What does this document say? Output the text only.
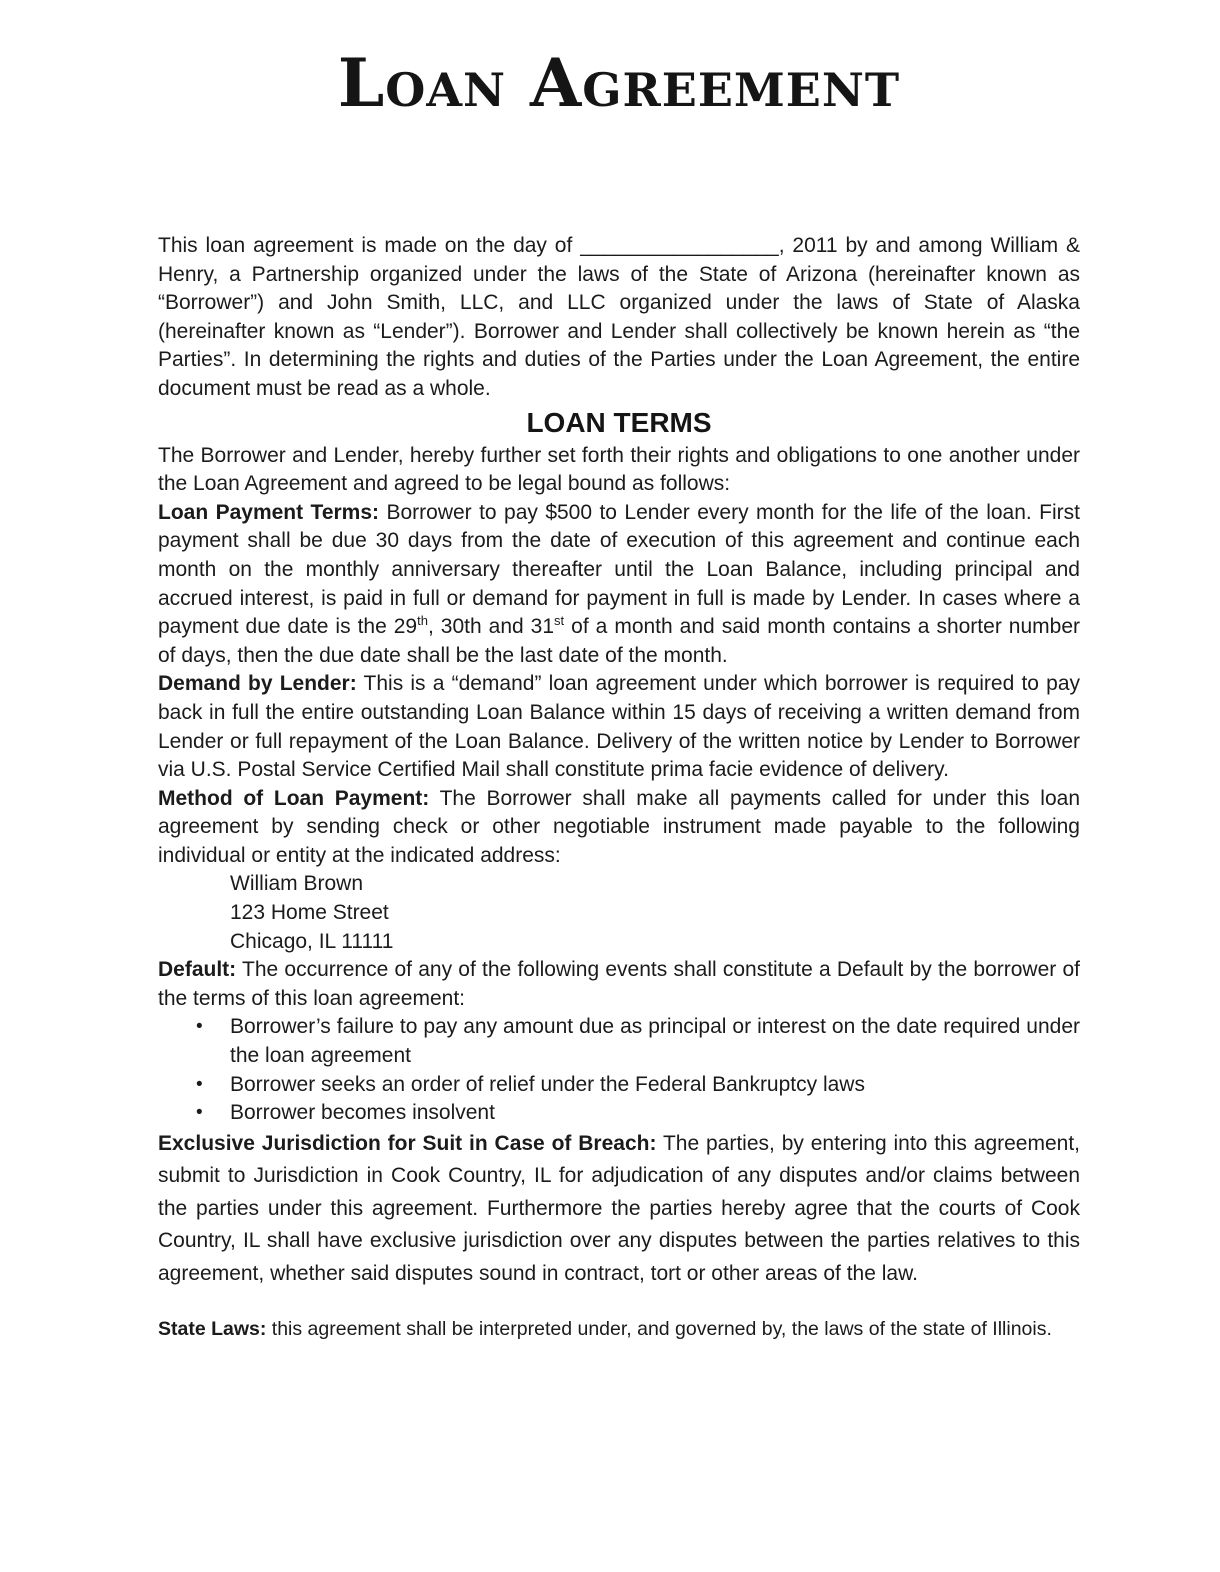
Loan Agreement

This loan agreement is made on the day of _________________, 2011 by and among William & Henry, a Partnership organized under the laws of the State of Arizona (hereinafter known as “Borrower”) and John Smith, LLC, and LLC organized under the laws of State of Alaska (hereinafter known as “Lender”). Borrower and Lender shall collectively be known herein as “the Parties”. In determining the rights and duties of the Parties under the Loan Agreement, the entire document must be read as a whole.

LOAN TERMS

The Borrower and Lender, hereby further set forth their rights and obligations to one another under the Loan Agreement and agreed to be legal bound as follows:

Loan Payment Terms: Borrower to pay $500 to Lender every month for the life of the loan. First payment shall be due 30 days from the date of execution of this agreement and continue each month on the monthly anniversary thereafter until the Loan Balance, including principal and accrued interest, is paid in full or demand for payment in full is made by Lender. In cases where a payment due date is the 29th, 30th and 31st of a month and said month contains a shorter number of days, then the due date shall be the last date of the month.

Demand by Lender: This is a “demand” loan agreement under which borrower is required to pay back in full the entire outstanding Loan Balance within 15 days of receiving a written demand from Lender or full repayment of the Loan Balance. Delivery of the written notice by Lender to Borrower via U.S. Postal Service Certified Mail shall constitute prima facie evidence of delivery.

Method of Loan Payment: The Borrower shall make all payments called for under this loan agreement by sending check or other negotiable instrument made payable to the following individual or entity at the indicated address:

William Brown
123 Home Street
Chicago, IL 11111

Default: The occurrence of any of the following events shall constitute a Default by the borrower of the terms of this loan agreement:

•	Borrower’s failure to pay any amount due as principal or interest on the date required under the loan agreement
•	Borrower seeks an order of relief under the Federal Bankruptcy laws
•	Borrower becomes insolvent

Exclusive Jurisdiction for Suit in Case of Breach: The parties, by entering into this agreement, submit to Jurisdiction in Cook Country, IL for adjudication of any disputes and/or claims between the parties under this agreement. Furthermore the parties hereby agree that the courts of Cook Country, IL shall have exclusive jurisdiction over any disputes between the parties relatives to this agreement, whether said disputes sound in contract, tort or other areas of the law.

State Laws: this agreement shall be interpreted under, and governed by, the laws of the state of Illinois.
